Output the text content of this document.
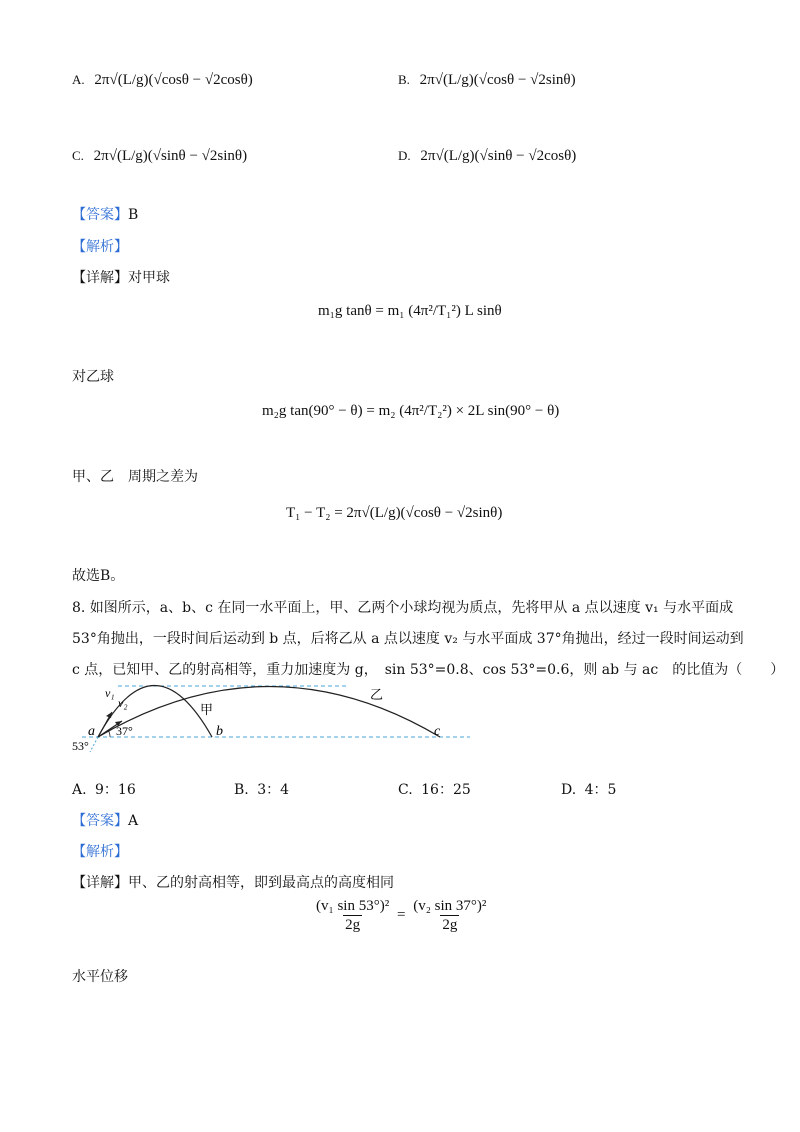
A. 2π√(L/g)(√cosθ − √2cosθ)	B. 2π√(L/g)(√cosθ − √2sinθ)
C. 2π√(L/g)(√sinθ − √2sinθ)	D. 2π√(L/g)(√sinθ − √2cosθ)
【答案】B
【解析】
【详解】对甲球
m₁g tanθ = m₁ (4π²/T₁²) L sinθ
对乙球
m₂g tan(90° − θ) = m₂ (4π²/T₂²) × 2L sin(90° − θ)
甲、乙　周期之差为
T₁ − T₂ = 2π√(L/g)(√cosθ − √2sinθ)
故选B。
8. 如图所示，a、b、c 在同一水平面上，甲、乙两个小球均视为质点，先将甲从 a 点以速度 v₁ 与水平面成
53°角抛出，一段时间后运动到 b 点，后将乙从 a 点以速度 v₂ 与水平面成 37°角抛出，经过一段时间运动到
c 点，已知甲、乙的射高相等，重力加速度为 g，　sin 53°=0.8、cos 53°=0.6，则 ab 与 ac　的比值为（　　）
v₁
v₂
a 37°
53°
b	c
甲
乙
A. 9：16	B. 3：4	C. 16：25	D. 4：5
【答案】A
【解析】
【详解】甲、乙的射高相等，即到最高点的高度相同
$\frac{\text{(v₁ sin 53°)²}}{2g} = \frac{\text{(v₂ sin 37°)²}}{2g}$
水平位移
